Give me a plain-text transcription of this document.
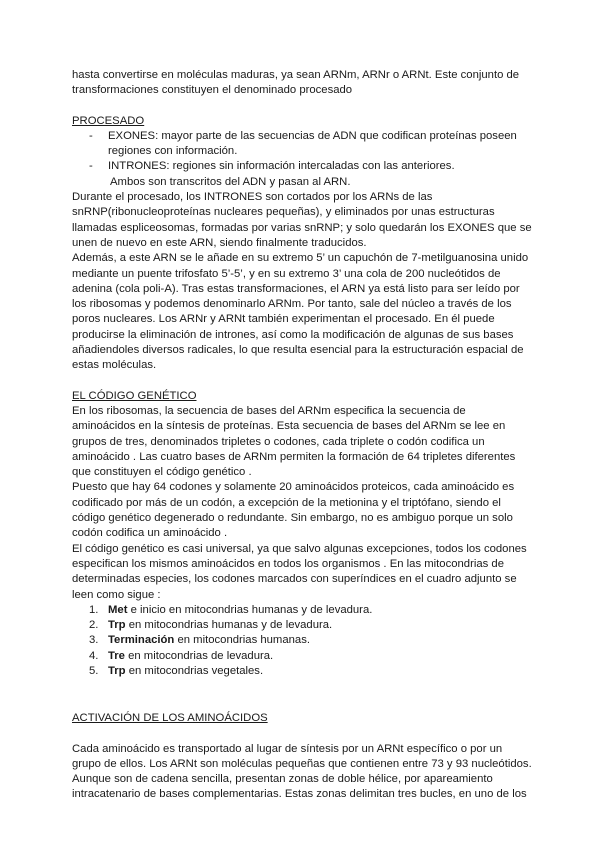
hasta convertirse en moléculas maduras, ya sean ARNm, ARNr o ARNt. Este conjunto de transformaciones constituyen el denominado procesado

PROCESADO

- EXONES: mayor parte de las secuencias de ADN que codifican proteínas poseen regiones con información.
- INTRONES: regiones sin información intercaladas con las anteriores.

Ambos son transcritos del ADN y pasan al ARN.

Durante el procesado, los INTRONES son cortados por los ARNs de las snRNP(ribonucleoproteínas nucleares pequeñas), y eliminados por unas estructuras llamadas espliceosomas, formadas por varias snRNP; y solo quedarán los EXONES que se unen de nuevo en este ARN, siendo finalmente traducidos.

Además, a este ARN se le añade en su extremo 5’ un capuchón de 7-metilguanosina unido mediante un puente trifosfato 5’-5’, y en su extremo 3’ una cola de 200 nucleótidos de adenina (cola poli-A). Tras estas transformaciones, el ARN ya está listo para ser leído por los ribosomas y podemos denominarlo ARNm. Por tanto, sale del núcleo a través de los poros nucleares. Los ARNr y ARNt también experimentan el procesado. En él puede producirse la eliminación de intrones, así como la modificación de algunas de sus bases añadiendoles diversos radicales, lo que resulta esencial para la estructuración espacial de estas moléculas.

EL CÓDIGO GENÉTICO

En los ribosomas, la secuencia de bases del ARNm especifica la secuencia de aminoácidos en la síntesis de proteínas. Esta secuencia de bases del ARNm se lee en grupos de tres, denominados tripletes o codones, cada triplete o codón codifica un aminoácido . Las cuatro bases de ARNm permiten la formación de 64 tripletes diferentes que constituyen el código genético .

Puesto que hay 64 codones y solamente 20 aminoácidos proteicos, cada aminoácido es codificado por más de un codón, a excepción de la metionina y el triptófano, siendo el código genético degenerado o redundante. Sin embargo, no es ambiguo porque un solo codón codifica un aminoácido .

El código genético es casi universal, ya que salvo algunas excepciones, todos los codones especifican los mismos aminoácidos en todos los organismos . En las mitocondrias de determinadas especies, los codones marcados con superíndices en el cuadro adjunto se leen como sigue :

1. Met e inicio en mitocondrias humanas y de levadura.
2. Trp en mitocondrias humanas y de levadura.
3. Terminación en mitocondrias humanas.
4. Tre en mitocondrias de levadura.
5. Trp en mitocondrias vegetales.

ACTIVACIÓN DE LOS AMINOÁCIDOS

Cada aminoácido es transportado al lugar de síntesis por un ARNt específico o por un grupo de ellos. Los ARNt son moléculas pequeñas que contienen entre 73 y 93 nucleótidos. Aunque son de cadena sencilla, presentan zonas de doble hélice, por apareamiento intracatenario de bases complementarias. Estas zonas delimitan tres bucles, en uno de los
